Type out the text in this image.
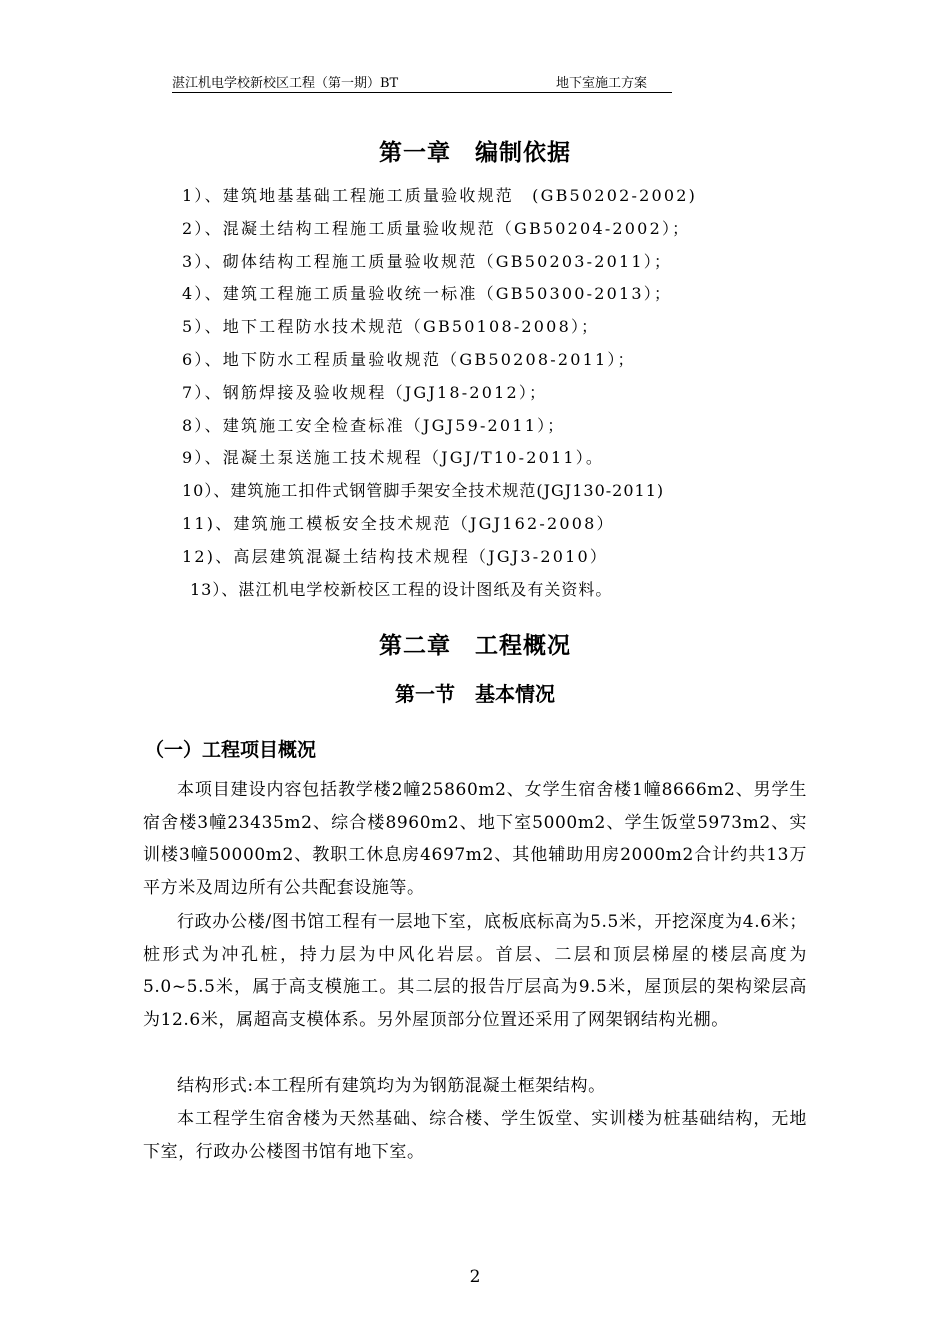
湛江机电学校新校区工程（第一期）BT	地下室施工方案
第一章　编制依据
1）、建筑地基基础工程施工质量验收规范　(GB50202-2002)
2）、混凝土结构工程施工质量验收规范（GB50204-2002）；
3）、砌体结构工程施工质量验收规范（GB50203-2011）；
4）、建筑工程施工质量验收统一标准（GB50300-2013）；
5）、地下工程防水技术规范（GB50108-2008）；
6）、地下防水工程质量验收规范（GB50208-2011）；
7）、钢筋焊接及验收规程（JGJ18-2012）；
8）、建筑施工安全检查标准（JGJ59-2011）；
9）、混凝土泵送施工技术规程（JGJ/T10-2011）。
10）、建筑施工扣件式钢管脚手架安全技术规范(JGJ130-2011)
11)、建筑施工模板安全技术规范（JGJ162-2008）
12)、高层建筑混凝土结构技术规程（JGJ3-2010）
13）、湛江机电学校新校区工程的设计图纸及有关资料。
第二章　工程概况
第一节　基本情况
（一）工程项目概况

本项目建设内容包括教学楼2幢25860m2、女学生宿舍楼1幢8666m2、男学生宿舍楼3幢23435m2、综合楼8960m2、地下室5000m2、学生饭堂5973m2、实训楼3幢50000m2、教职工休息房4697m2、其他辅助用房2000m2合计约共13万平方米及周边所有公共配套设施等。

行政办公楼/图书馆工程有一层地下室，底板底标高为5.5米，开挖深度为4.6米；桩形式为冲孔桩，持力层为中风化岩层。首层、二层和顶层梯屋的楼层高度为5.0~5.5米，属于高支模施工。其二层的报告厅层高为9.5米，屋顶层的架构梁层高为12.6米，属超高支模体系。另外屋顶部分位置还采用了网架钢结构光棚。

结构形式:本工程所有建筑均为为钢筋混凝土框架结构。

本工程学生宿舍楼为天然基础、综合楼、学生饭堂、实训楼为桩基础结构，无地下室，行政办公楼图书馆有地下室。

2
